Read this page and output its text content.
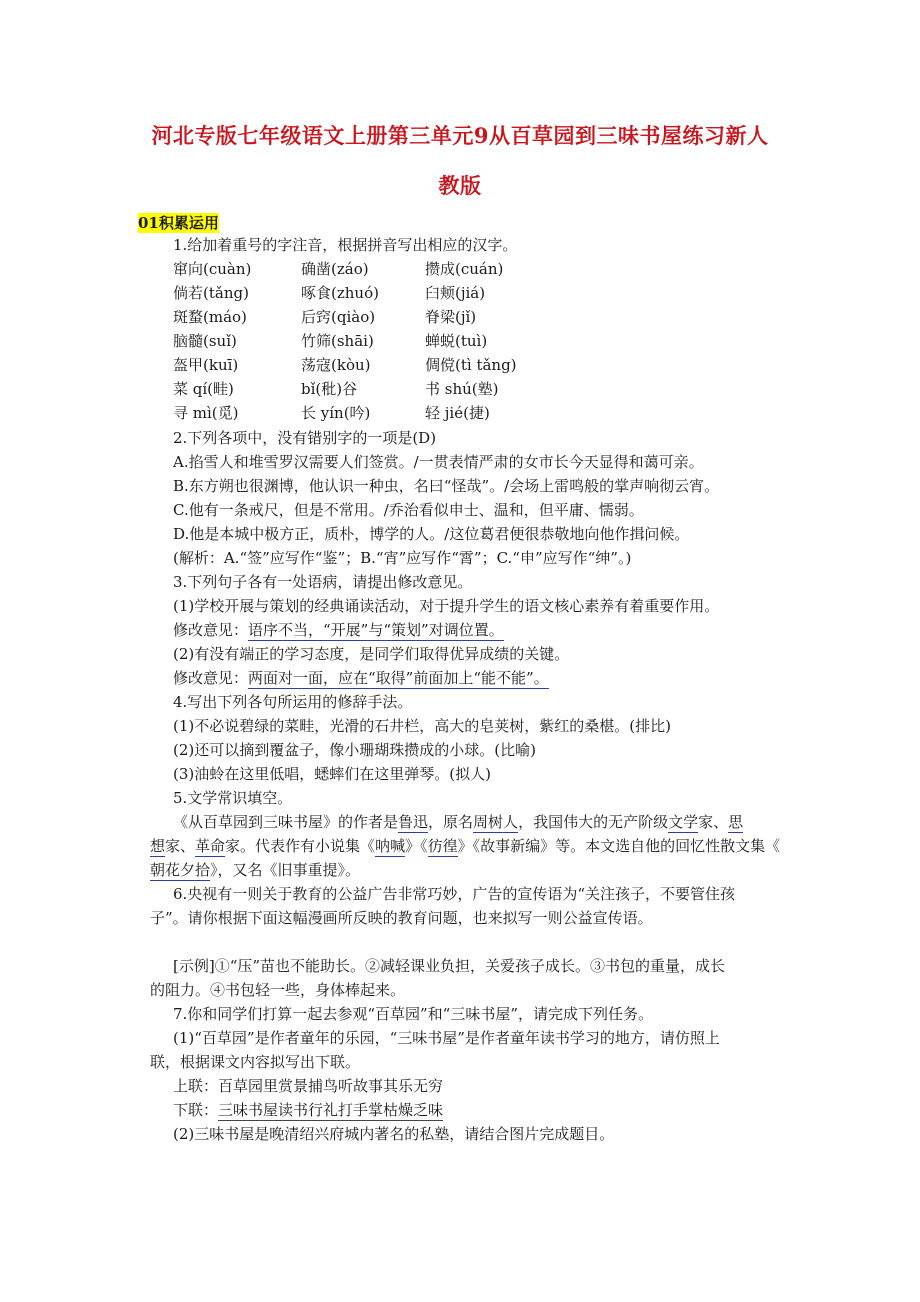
河北专版七年级语文上册第三单元9从百草园到三味书屋练习新人
教版
01积累运用
1.给加着重号的字注音，根据拼音写出相应的汉字。
窜向(cuàn)	确凿(záo)	攒成(cuán)
倘若(tǎng)	啄食(zhuó)	臼颊(jiá)
斑蝥(máo)	后窍(qiào)	脊梁(jǐ)
脑髓(suǐ)	竹筛(shāi)	蝉蜕(tuì)
盔甲(kuī)	荡寇(kòu)	倜傥(tì tǎng)
菜 qí(畦)	bǐ(秕)谷	书 shú(塾)
寻 mì(觅)	长 yín(吟)	轻 jié(捷)
2.下列各项中，没有错别字的一项是(D)
A.掐雪人和堆雪罗汉需要人们签赏。/一贯表情严肃的女市长今天显得和蔼可亲。
B.东方朔也很渊博，他认识一种虫，名曰“怪哉”。/会场上雷鸣般的掌声响彻云宵。
C.他有一条戒尺，但是不常用。/乔治看似申士、温和，但平庸、懦弱。
D.他是本城中极方正，质朴，博学的人。/这位葛君便很恭敬地向他作揖问候。
(解析：A.“签”应写作“鉴”；B.“宵”应写作“霄”；C.“申”应写作“绅”。)
3.下列句子各有一处语病，请提出修改意见。
(1)学校开展与策划的经典诵读活动，对于提升学生的语文核心素养有着重要作用。
修改意见：语序不当，“开展”与“策划”对调位置。
(2)有没有端正的学习态度，是同学们取得优异成绩的关键。
修改意见：两面对一面，应在“取得”前面加上“能不能”。
4.写出下列各句所运用的修辞手法。
(1)不必说碧绿的菜畦，光滑的石井栏，高大的皂荚树，紫红的桑椹。(排比)
(2)还可以摘到覆盆子，像小珊瑚珠攒成的小球。(比喻)
(3)油蛉在这里低唱，蟋蟀们在这里弹琴。(拟人)
5.文学常识填空。
《从百草园到三味书屋》的作者是鲁迅，原名周树人，我国伟大的无产阶级文学家、思
想家、革命家。代表作有小说集《呐喊》《彷徨》《故事新编》等。本文选自他的回忆性散文集《
朝花夕拾》，又名《旧事重提》。
6.央视有一则关于教育的公益广告非常巧妙，广告的宣传语为“关注孩子，不要管住孩
子”。请你根据下面这幅漫画所反映的教育问题，也来拟写一则公益宣传语。
[示例]①“压”苗也不能助长。②减轻课业负担，关爱孩子成长。③书包的重量，成长
的阻力。④书包轻一些，身体棒起来。
7.你和同学们打算一起去参观“百草园”和“三味书屋”，请完成下列任务。
(1)“百草园”是作者童年的乐园，“三味书屋”是作者童年读书学习的地方，请仿照上
联，根据课文内容拟写出下联。
上联：百草园里赏景捕鸟听故事其乐无穷
下联：三味书屋读书行礼打手掌枯燥乏味
(2)三味书屋是晚清绍兴府城内著名的私塾，请结合图片完成题目。
